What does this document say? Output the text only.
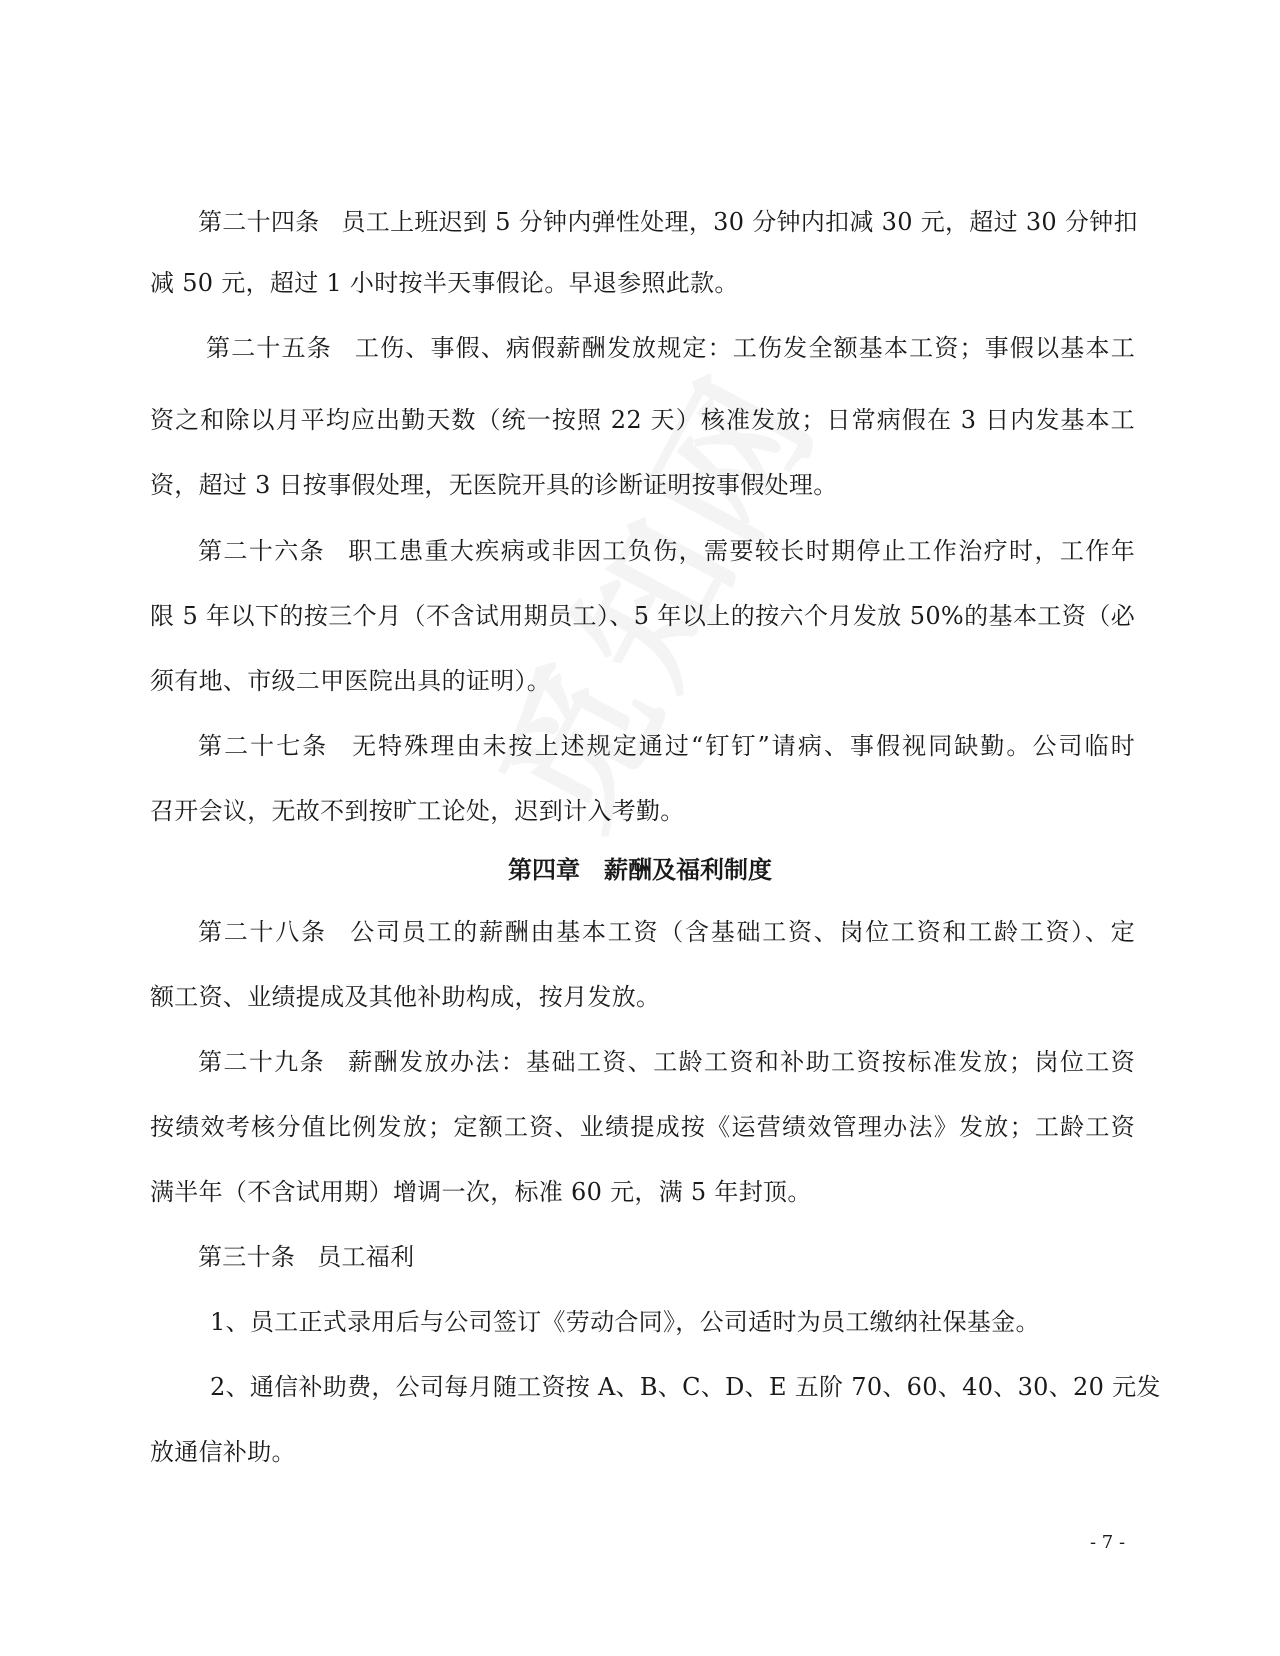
第二十四条 员工上班迟到 5 分钟内弹性处理，30 分钟内扣减 30 元，超过 30 分钟扣
减 50 元，超过 1 小时按半天事假论。早退参照此款。
第二十五条 工伤、事假、病假薪酬发放规定：工伤发全额基本工资；事假以基本工
资之和除以月平均应出勤天数（统一按照 22 天）核准发放；日常病假在 3 日内发基本工
资，超过 3 日按事假处理，无医院开具的诊断证明按事假处理。
第二十六条 职工患重大疾病或非因工负伤，需要较长时期停止工作治疗时，工作年
限 5 年以下的按三个月（不含试用期员工）、5 年以上的按六个月发放 50%的基本工资（必
须有地、市级二甲医院出具的证明）。
第二十七条 无特殊理由未按上述规定通过“钉钉”请病、事假视同缺勤。公司临时
召开会议，无故不到按旷工论处，迟到计入考勤。
第四章　薪酬及福利制度
第二十八条 公司员工的薪酬由基本工资（含基础工资、岗位工资和工龄工资）、定
额工资、业绩提成及其他补助构成，按月发放。
第二十九条 薪酬发放办法：基础工资、工龄工资和补助工资按标准发放；岗位工资
按绩效考核分值比例发放；定额工资、业绩提成按《运营绩效管理办法》发放；工龄工资
满半年（不含试用期）增调一次，标准 60 元，满 5 年封顶。
第三十条 员工福利
1、员工正式录用后与公司签订《劳动合同》，公司适时为员工缴纳社保基金。
2、通信补助费，公司每月随工资按 A、B、C、D、E 五阶 70、60、40、30、20 元发
放通信补助。
- 7 -
